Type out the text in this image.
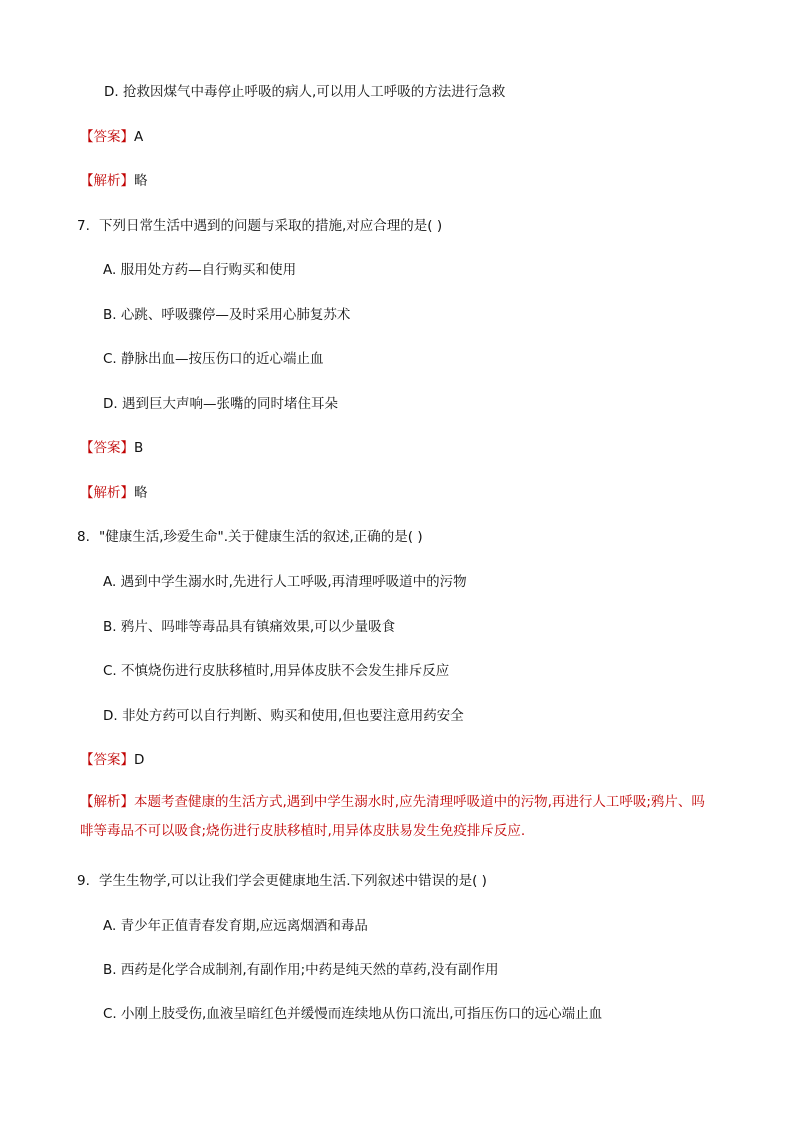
D. 抢救因煤气中毒停止呼吸的病人,可以用人工呼吸的方法进行急救
【答案】A
【解析】略
7. 下列日常生活中遇到的问题与采取的措施,对应合理的是( )
A. 服用处方药—自行购买和使用
B. 心跳、呼吸骤停—及时采用心肺复苏术
C. 静脉出血—按压伤口的近心端止血
D. 遇到巨大声响—张嘴的同时堵住耳朵
【答案】B
【解析】略
8. "健康生活,珍爱生命".关于健康生活的叙述,正确的是( )
A. 遇到中学生溺水时,先进行人工呼吸,再清理呼吸道中的污物
B. 鸦片、吗啡等毒品具有镇痛效果,可以少量吸食
C. 不慎烧伤进行皮肤移植时,用异体皮肤不会发生排斥反应
D. 非处方药可以自行判断、购买和使用,但也要注意用药安全
【答案】D
【解析】本题考查健康的生活方式,遇到中学生溺水时,应先清理呼吸道中的污物,再进行人工呼吸;鸦片、吗啡等毒品不可以吸食;烧伤进行皮肤移植时,用异体皮肤易发生免疫排斥反应.
9. 学生生物学,可以让我们学会更健康地生活.下列叙述中错误的是( )
A. 青少年正值青春发育期,应远离烟酒和毒品
B. 西药是化学合成制剂,有副作用;中药是纯天然的草药,没有副作用
C. 小刚上肢受伤,血液呈暗红色并缓慢而连续地从伤口流出,可指压伤口的远心端止血
